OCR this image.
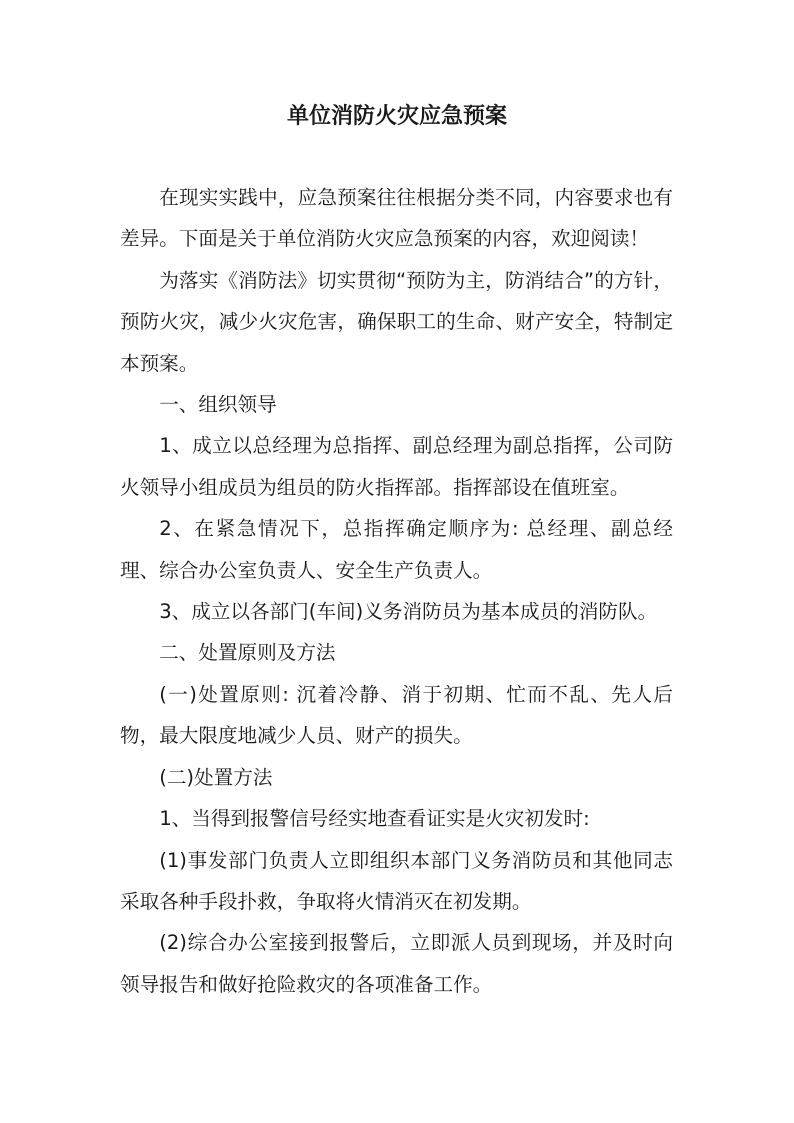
单位消防火灾应急预案

在现实实践中，应急预案往往根据分类不同，内容要求也有差异。下面是关于单位消防火灾应急预案的内容，欢迎阅读！

为落实《消防法》切实贯彻“预防为主，防消结合”的方针，预防火灾，减少火灾危害，确保职工的生命、财产安全，特制定本预案。

一、组织领导

1、成立以总经理为总指挥、副总经理为副总指挥，公司防火领导小组成员为组员的防火指挥部。指挥部设在值班室。

2、在紧急情况下，总指挥确定顺序为: 总经理、副总经理、综合办公室负责人、安全生产负责人。

3、成立以各部门(车间)义务消防员为基本成员的消防队。

二、处置原则及方法

(一)处置原则: 沉着冷静、消于初期、忙而不乱、先人后物，最大限度地减少人员、财产的损失。

(二)处置方法

1、当得到报警信号经实地查看证实是火灾初发时:

(1)事发部门负责人立即组织本部门义务消防员和其他同志采取各种手段扑救，争取将火情消灭在初发期。

(2)综合办公室接到报警后，立即派人员到现场，并及时向领导报告和做好抢险救灾的各项准备工作。
